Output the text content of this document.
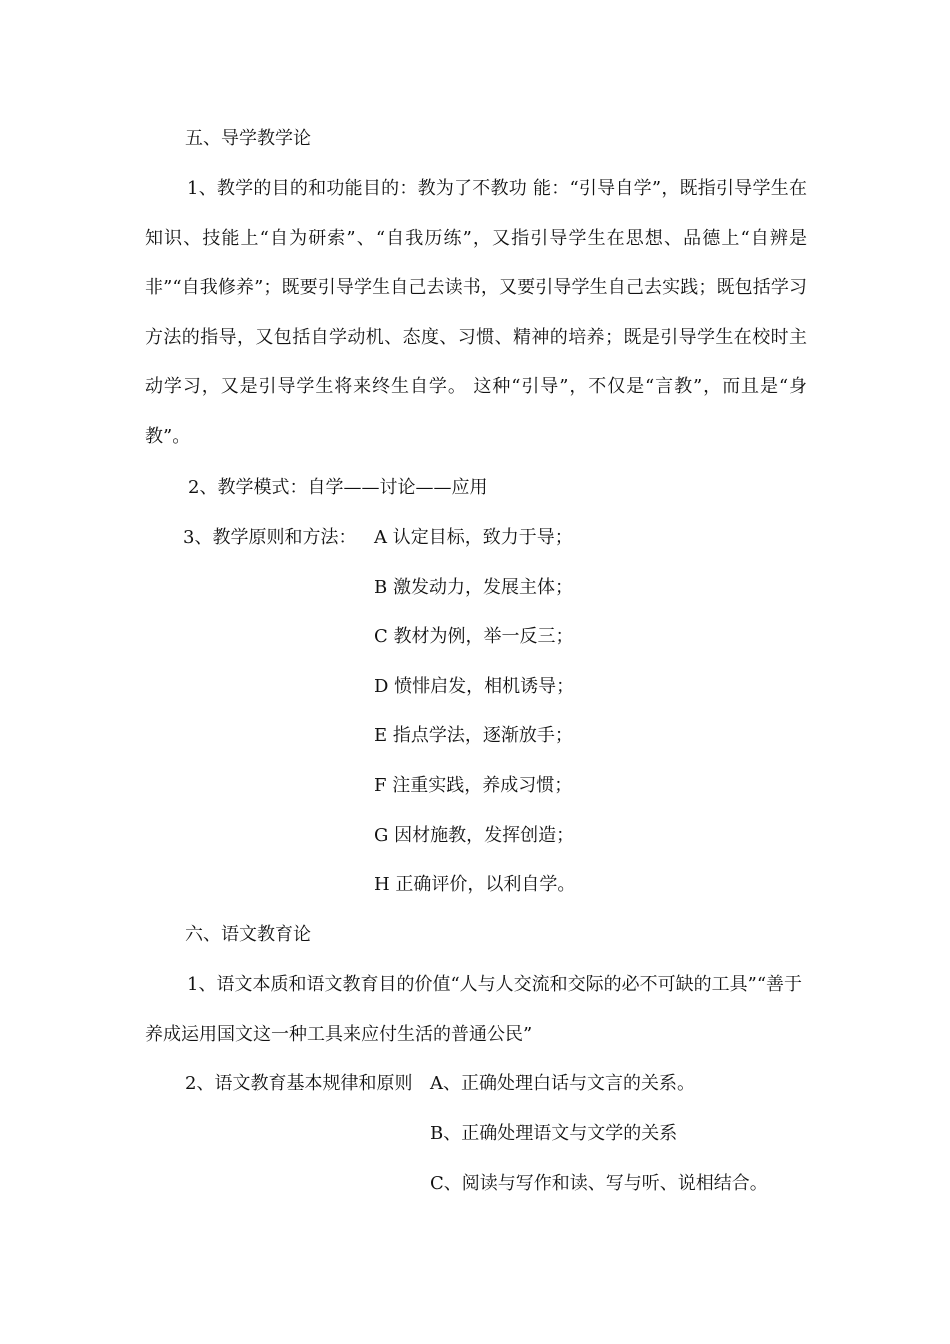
五、导学教学论
1、教学的目的和功能目的：教为了不教功 能：“引导自学”，既指引导学生在知识、技能上“自为研索”、“自我历练”，又指引导学生在思想、品德上“自辨是非”“自我修养”；既要引导学生自己去读书，又要引导学生自己去实践；既包括学习方法的指导，又包括自学动机、态度、习惯、精神的培养；既是引导学生在校时主动学习，又是引导学生将来终生自学。 这种“引导”，不仅是“言教”，而且是“身教”。
2、教学模式：自学——讨论——应用
3、教学原则和方法： A 认定目标，致力于导；
B 激发动力，发展主体；
C 教材为例，举一反三；
D 愤悱启发，相机诱导；
E 指点学法，逐渐放手；
F 注重实践，养成习惯；
G 因材施教，发挥创造；
H 正确评价，以利自学。
六、语文教育论
1、语文本质和语文教育目的价值“人与人交流和交际的必不可缺的工具”“善于养成运用国文这一种工具来应付生活的普通公民”
2、语文教育基本规律和原则 A、正确处理白话与文言的关系。
B、正确处理语文与文学的关系
C、阅读与写作和读、写与听、说相结合。
